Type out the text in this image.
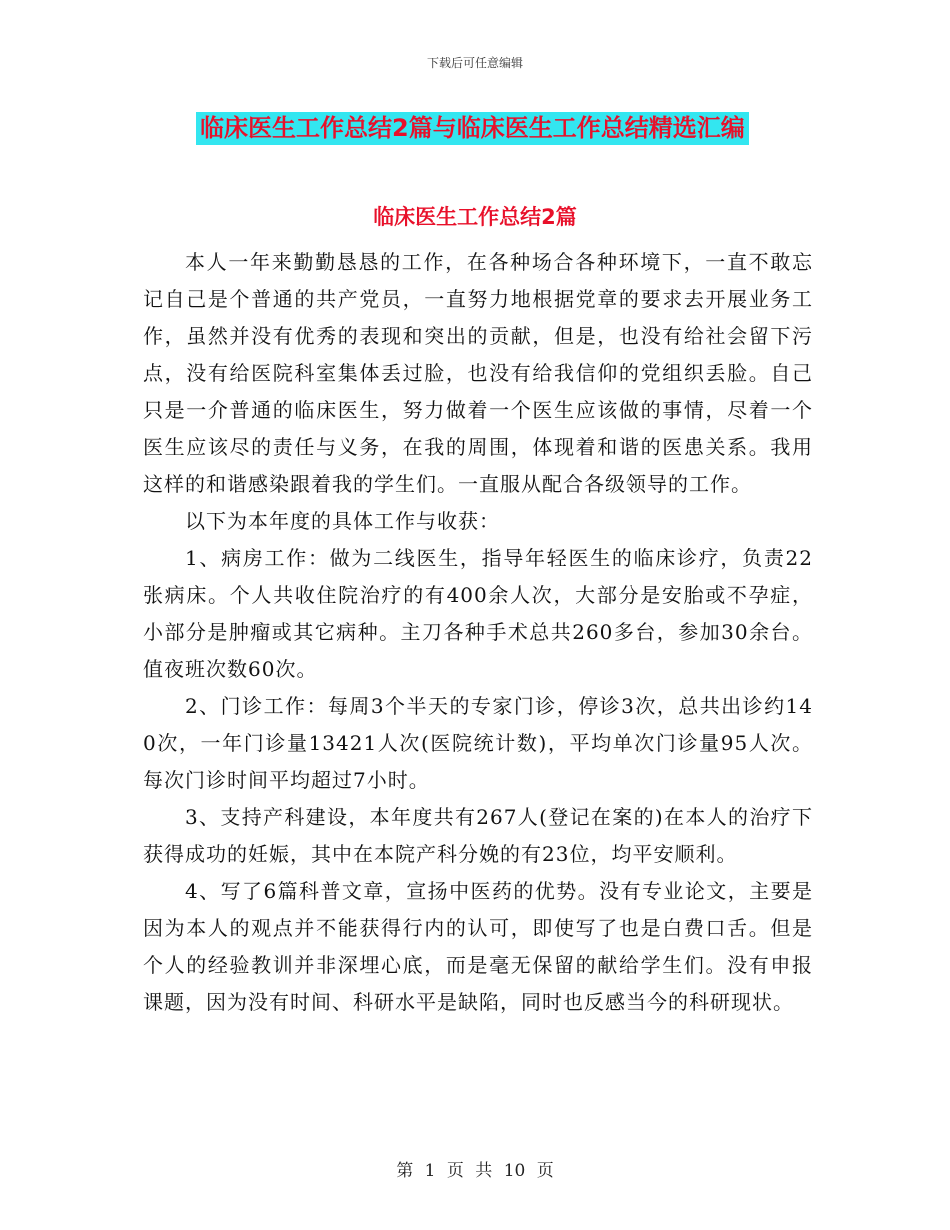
下载后可任意编辑
临床医生工作总结2篇与临床医生工作总结精选汇编
临床医生工作总结2篇

本人一年来勤勤恳恳的工作，在各种场合各种环境下，一直不敢忘记自己是个普通的共产党员，一直努力地根据党章的要求去开展业务工作，虽然并没有优秀的表现和突出的贡献，但是，也没有给社会留下污点，没有给医院科室集体丢过脸，也没有给我信仰的党组织丢脸。自己只是一介普通的临床医生，努力做着一个医生应该做的事情，尽着一个医生应该尽的责任与义务，在我的周围，体现着和谐的医患关系。我用这样的和谐感染跟着我的学生们。一直服从配合各级领导的工作。

以下为本年度的具体工作与收获：

1、病房工作：做为二线医生，指导年轻医生的临床诊疗，负责22张病床。个人共收住院治疗的有400余人次，大部分是安胎或不孕症，小部分是肿瘤或其它病种。主刀各种手术总共260多台，参加30余台。值夜班次数60次。

2、门诊工作：每周3个半天的专家门诊，停诊3次，总共出诊约140次，一年门诊量13421人次(医院统计数)，平均单次门诊量95人次。每次门诊时间平均超过7小时。

3、支持产科建设，本年度共有267人(登记在案的)在本人的治疗下获得成功的妊娠，其中在本院产科分娩的有23位，均平安顺利。

4、写了6篇科普文章，宣扬中医药的优势。没有专业论文，主要是因为本人的观点并不能获得行内的认可，即使写了也是白费口舌。但是个人的经验教训并非深埋心底，而是毫无保留的献给学生们。没有申报课题，因为没有时间、科研水平是缺陷，同时也反感当今的科研现状。

第 1 页 共 10 页
